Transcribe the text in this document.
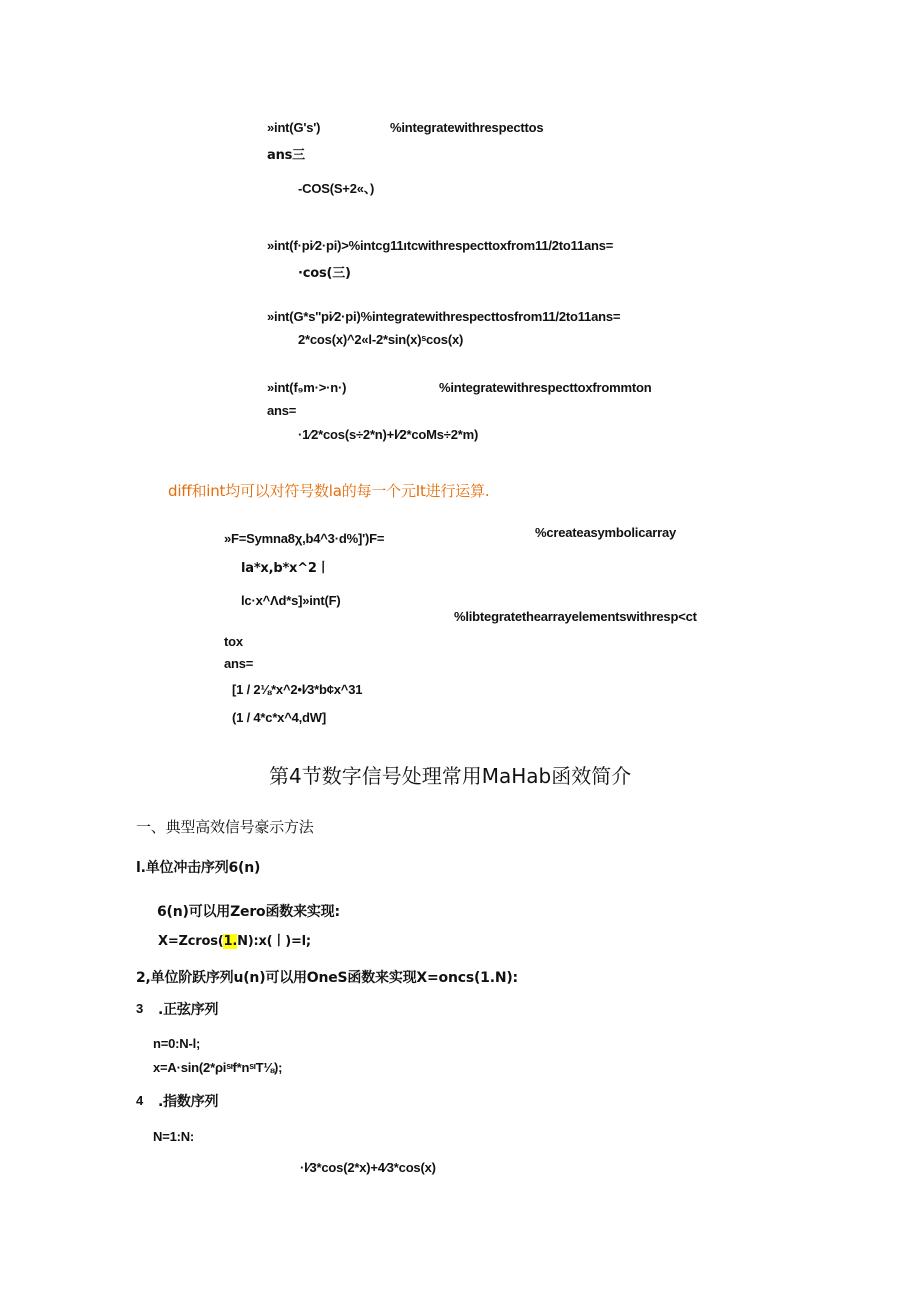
»int(G's')	%integratewithrespecttos
ans三
-COS(S+2«、)
»int(f·pi∕2·pi)>%intcg11ıtcwithrespecttoxfrom11/2to11ans=
·cos(三)
»int(G*s''pi∕2·pi)%integratewithrespecttosfrom11/2to11ans=
2*cos(x)^2«l-2*sin(x)ˢcos(x)
»int(f₉m·>·n·)	%integratewithrespecttoxfrommton
ans=
·1⁄2*cos(s÷2*n)+l⁄2*coMs÷2*m)
diff和int均可以对符号数la的每一个元It进行运算.
»F=Symna8χ,b4^3·d%]')F=	%createasymbolicarray
la*x,b*x^2丨
lc·x^Λd*s]»int(F)
%libtegratethearrayelementswithresp<ct
tox
ans=
[1 / 2⅛*x^2•l⁄3*b¢x^31
(1 / 4*c*x^4,dW]
第4节数字信号处理常用MaHab函效简介
一、典型高效信号豪示方法
l.单位冲击序列6(n)
6(n)可以用Zero函数来实现:
X=Zcros(1.N):x(丨)=l;
2,单位阶跃序列u(n)可以用OneS函数来实现X=oncs(1.N):
3 .正弦序列
n=0:N-l;
x=A·sin(2*ρiˢᶦf*nˢᶦT⅛);
4 .指数序列
N=1:N:
·l⁄3*cos(2*x)+4⁄3*cos(x)
